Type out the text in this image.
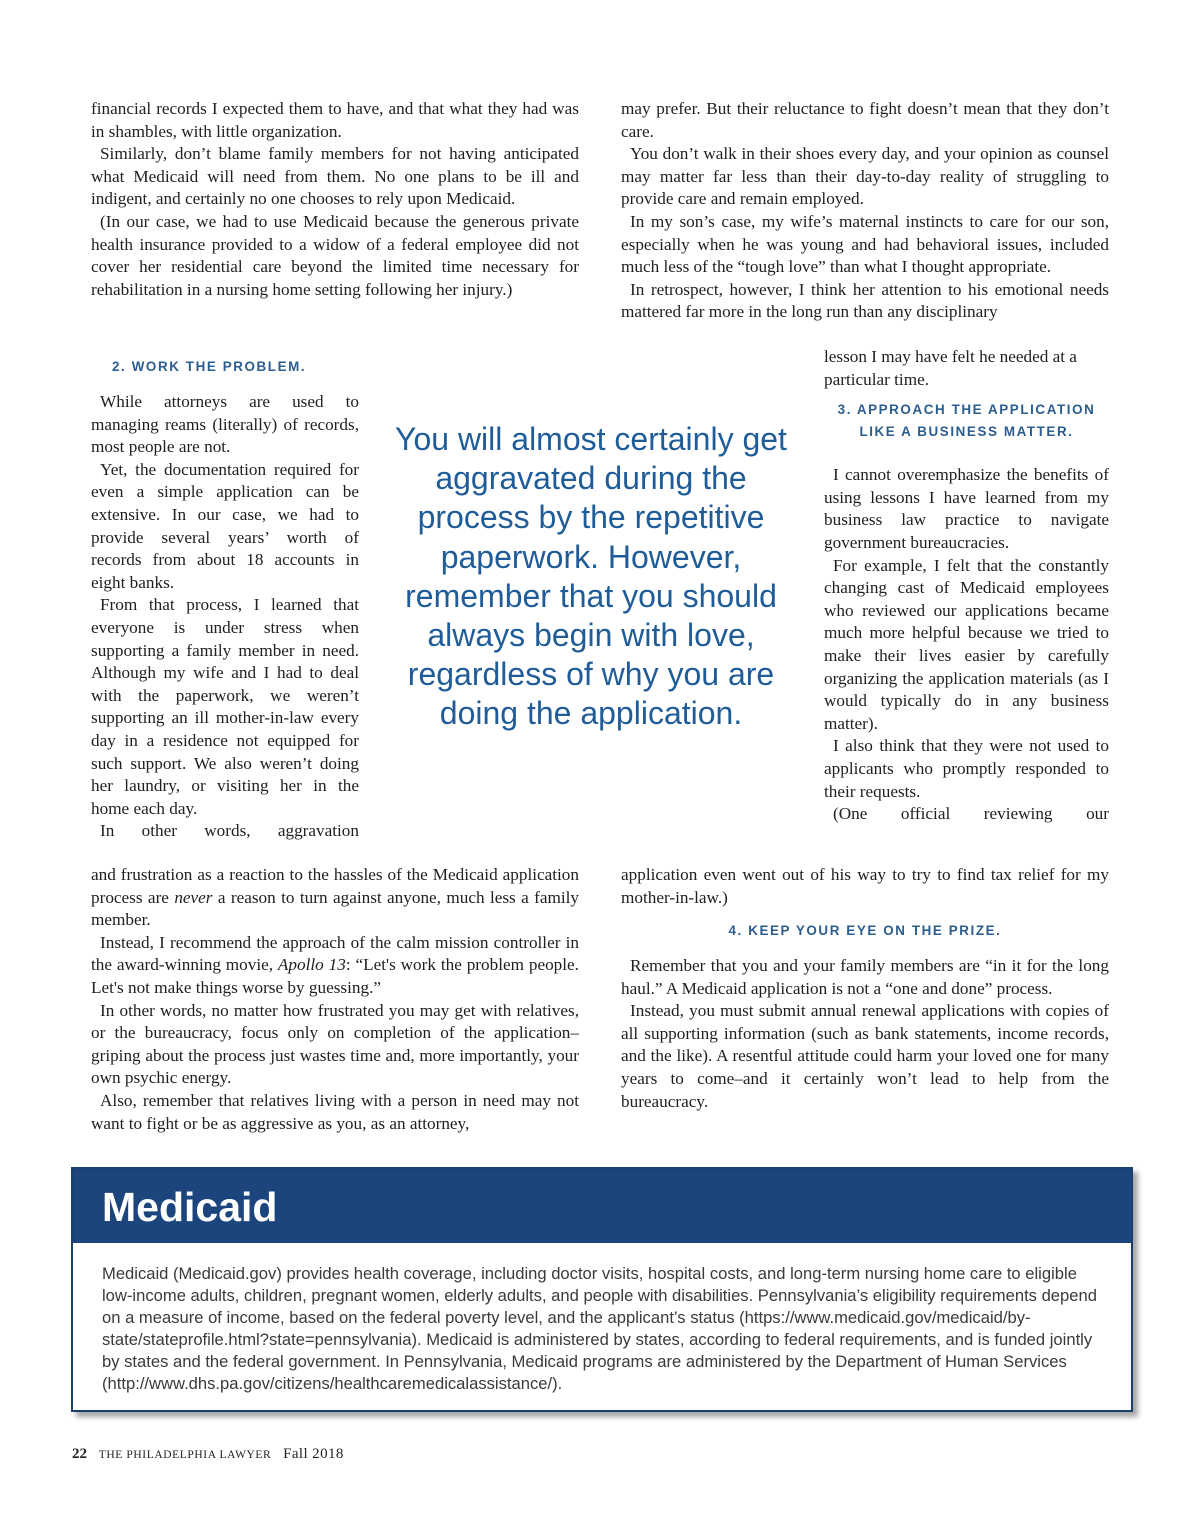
financial records I expected them to have, and that what they had was in shambles, with little organization.

Similarly, don’t blame family members for not having anticipated what Medicaid will need from them. No one plans to be ill and indigent, and certainly no one chooses to rely upon Medicaid.

(In our case, we had to use Medicaid because the generous private health insurance provided to a widow of a federal employee did not cover her residential care beyond the limited time necessary for rehabilitation in a nursing home setting following her injury.)

2. WORK THE PROBLEM.

While attorneys are used to managing reams (literally) of records, most people are not.

Yet, the documentation required for even a simple application can be extensive. In our case, we had to provide several years’ worth of records from about 18 accounts in eight banks.

From that process, I learned that everyone is under stress when supporting a family member in need. Although my wife and I had to deal with the paperwork, we weren’t supporting an ill mother-in-law every day in a residence not equipped for such support. We also weren’t doing her laundry, or visiting her in the home each day.

In other words, aggravation

and frustration as a reaction to the hassles of the Medicaid application process are never a reason to turn against anyone, much less a family member.

Instead, I recommend the approach of the calm mission controller in the award-winning movie, Apollo 13: “Let's work the problem people. Let's not make things worse by guessing.”

In other words, no matter how frustrated you may get with relatives, or the bureaucracy, focus only on completion of the application–griping about the process just wastes time and, more importantly, your own psychic energy.

Also, remember that relatives living with a person in need may not want to fight or be as aggressive as you, as an attorney,

You will almost certainly get aggravated during the process by the repetitive paperwork. However, remember that you should always begin with love, regardless of why you are doing the application.

may prefer. But their reluctance to fight doesn’t mean that they don’t care.

You don’t walk in their shoes every day, and your opinion as counsel may matter far less than their day-to-day reality of struggling to provide care and remain employed.

In my son’s case, my wife’s maternal instincts to care for our son, especially when he was young and had behavioral issues, included much less of the “tough love” than what I thought appropriate.

In retrospect, however, I think her attention to his emotional needs mattered far more in the long run than any disciplinary

lesson I may have felt he needed at a particular time.

I cannot overemphasize the benefits of using lessons I have learned from my business law practice to navigate government bureaucracies.

For example, I felt that the constantly changing cast of Medicaid employees who reviewed our applications became much more helpful because we tried to make their lives easier by carefully organizing the application materials (as I would typically do in any business matter).

I also think that they were not used to applicants who promptly responded to their requests.

(One official reviewing our

3. APPROACH THE APPLICATION LIKE A BUSINESS MATTER.

application even went out of his way to try to find tax relief for my mother-in-law.)

4. KEEP YOUR EYE ON THE PRIZE.

Remember that you and your family members are “in it for the long haul.” A Medicaid application is not a “one and done” process.

Instead, you must submit annual renewal applications with copies of all supporting information (such as bank statements, income records, and the like). A resentful attitude could harm your loved one for many years to come–and it certainly won’t lead to help from the bureaucracy.

Medicaid

Medicaid (Medicaid.gov) provides health coverage, including doctor visits, hospital costs, and long-term nursing home care to eligible low-income adults, children, pregnant women, elderly adults, and people with disabilities. Pennsylvania’s eligibility requirements depend on a measure of income, based on the federal poverty level, and the applicant’s status (https://www.medicaid.gov/medicaid/by-state/stateprofile.html?state=pennsylvania). Medicaid is administered by states, according to federal requirements, and is funded jointly by states and the federal government. In Pennsylvania, Medicaid programs are administered by the Department of Human Services (http://www.dhs.pa.gov/citizens/healthcaremedicalassistance/).

22 THE PHILADELPHIA LAWYER Fall 2018
